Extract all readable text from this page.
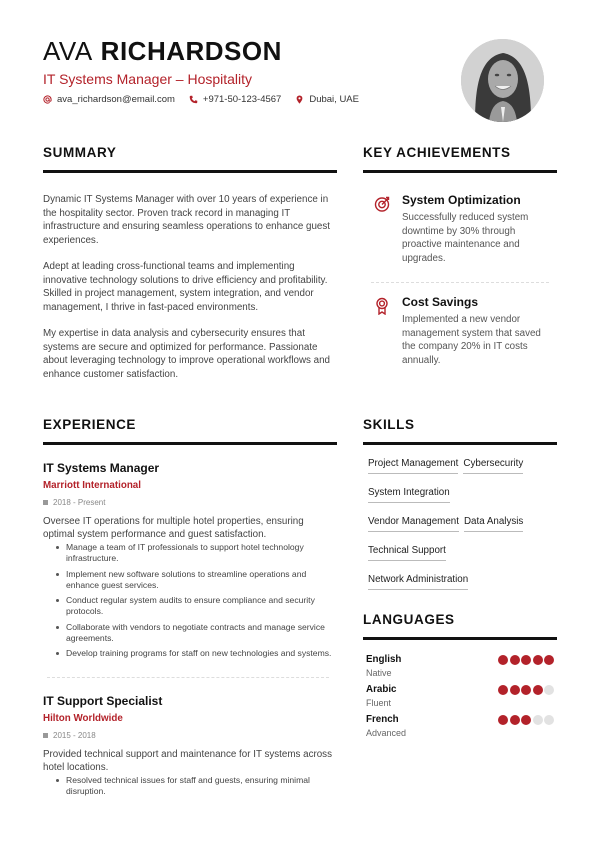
AVA RICHARDSON
IT Systems Manager – Hospitality
ava_richardson@email.com	+971-50-123-4567	Dubai, UAE
SUMMARY

Dynamic IT Systems Manager with over 10 years of experience in the hospitality sector. Proven track record in managing IT infrastructure and ensuring seamless operations to enhance guest experiences.

Adept at leading cross-functional teams and implementing innovative technology solutions to drive efficiency and profitability. Skilled in project management, system integration, and vendor management, I thrive in fast-paced environments.

My expertise in data analysis and cybersecurity ensures that systems are secure and optimized for performance. Passionate about leveraging technology to improve operational workflows and enhance customer satisfaction.

KEY ACHIEVEMENTS
System Optimization
Successfully reduced system downtime by 30% through proactive maintenance and upgrades.
Cost Savings
Implemented a new vendor management system that saved the company 20% in IT costs annually.
EXPERIENCE
IT Systems Manager
Marriott International
2018 - Present
Oversee IT operations for multiple hotel properties, ensuring optimal system performance and guest satisfaction.
Manage a team of IT professionals to support hotel technology infrastructure.
Implement new software solutions to streamline operations and enhance guest services.
Conduct regular system audits to ensure compliance and security protocols.
Collaborate with vendors to negotiate contracts and manage service agreements.
Develop training programs for staff on new technologies and systems.
IT Support Specialist
Hilton Worldwide
2015 - 2018
Provided technical support and maintenance for IT systems across hotel locations.
Resolved technical issues for staff and guests, ensuring minimal disruption.
SKILLS
Project Management Cybersecurity
System Integration
Vendor Management Data Analysis
Technical Support
Network Administration
LANGUAGES
English
Native
Arabic
Fluent
French
Advanced
